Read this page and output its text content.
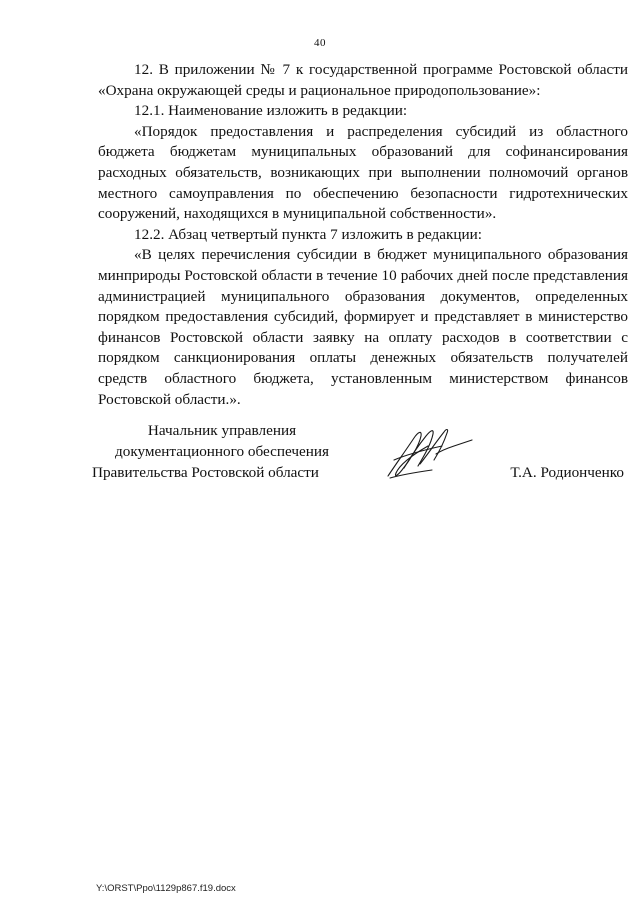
40

12. В приложении № 7 к государственной программе Ростовской области «Охрана окружающей среды и рациональное природопользование»:

12.1. Наименование изложить в редакции:

«Порядок предоставления и распределения субсидий из областного бюджета бюджетам муниципальных образований для софинансирования расходных обязательств, возникающих при выполнении полномочий органов местного самоуправления по обеспечению безопасности гидротехнических сооружений, находящихся в муниципальной собственности».

12.2. Абзац четвертый пункта 7 изложить в редакции:

«В целях перечисления субсидии в бюджет муниципального образования минприроды Ростовской области в течение 10 рабочих дней после представления администрацией муниципального образования документов, определенных порядком предоставления субсидий, формирует и представляет в министерство финансов Ростовской области заявку на оплату расходов в соответствии с порядком санкционирования оплаты денежных обязательств получателей средств областного бюджета, установленным министерством финансов Ростовской области.».

Начальник управления
документационного обеспечения
Правительства Ростовской области	Т.А. Родионченко
Y:\ORST\Ppo\1129p867.f19.docx
